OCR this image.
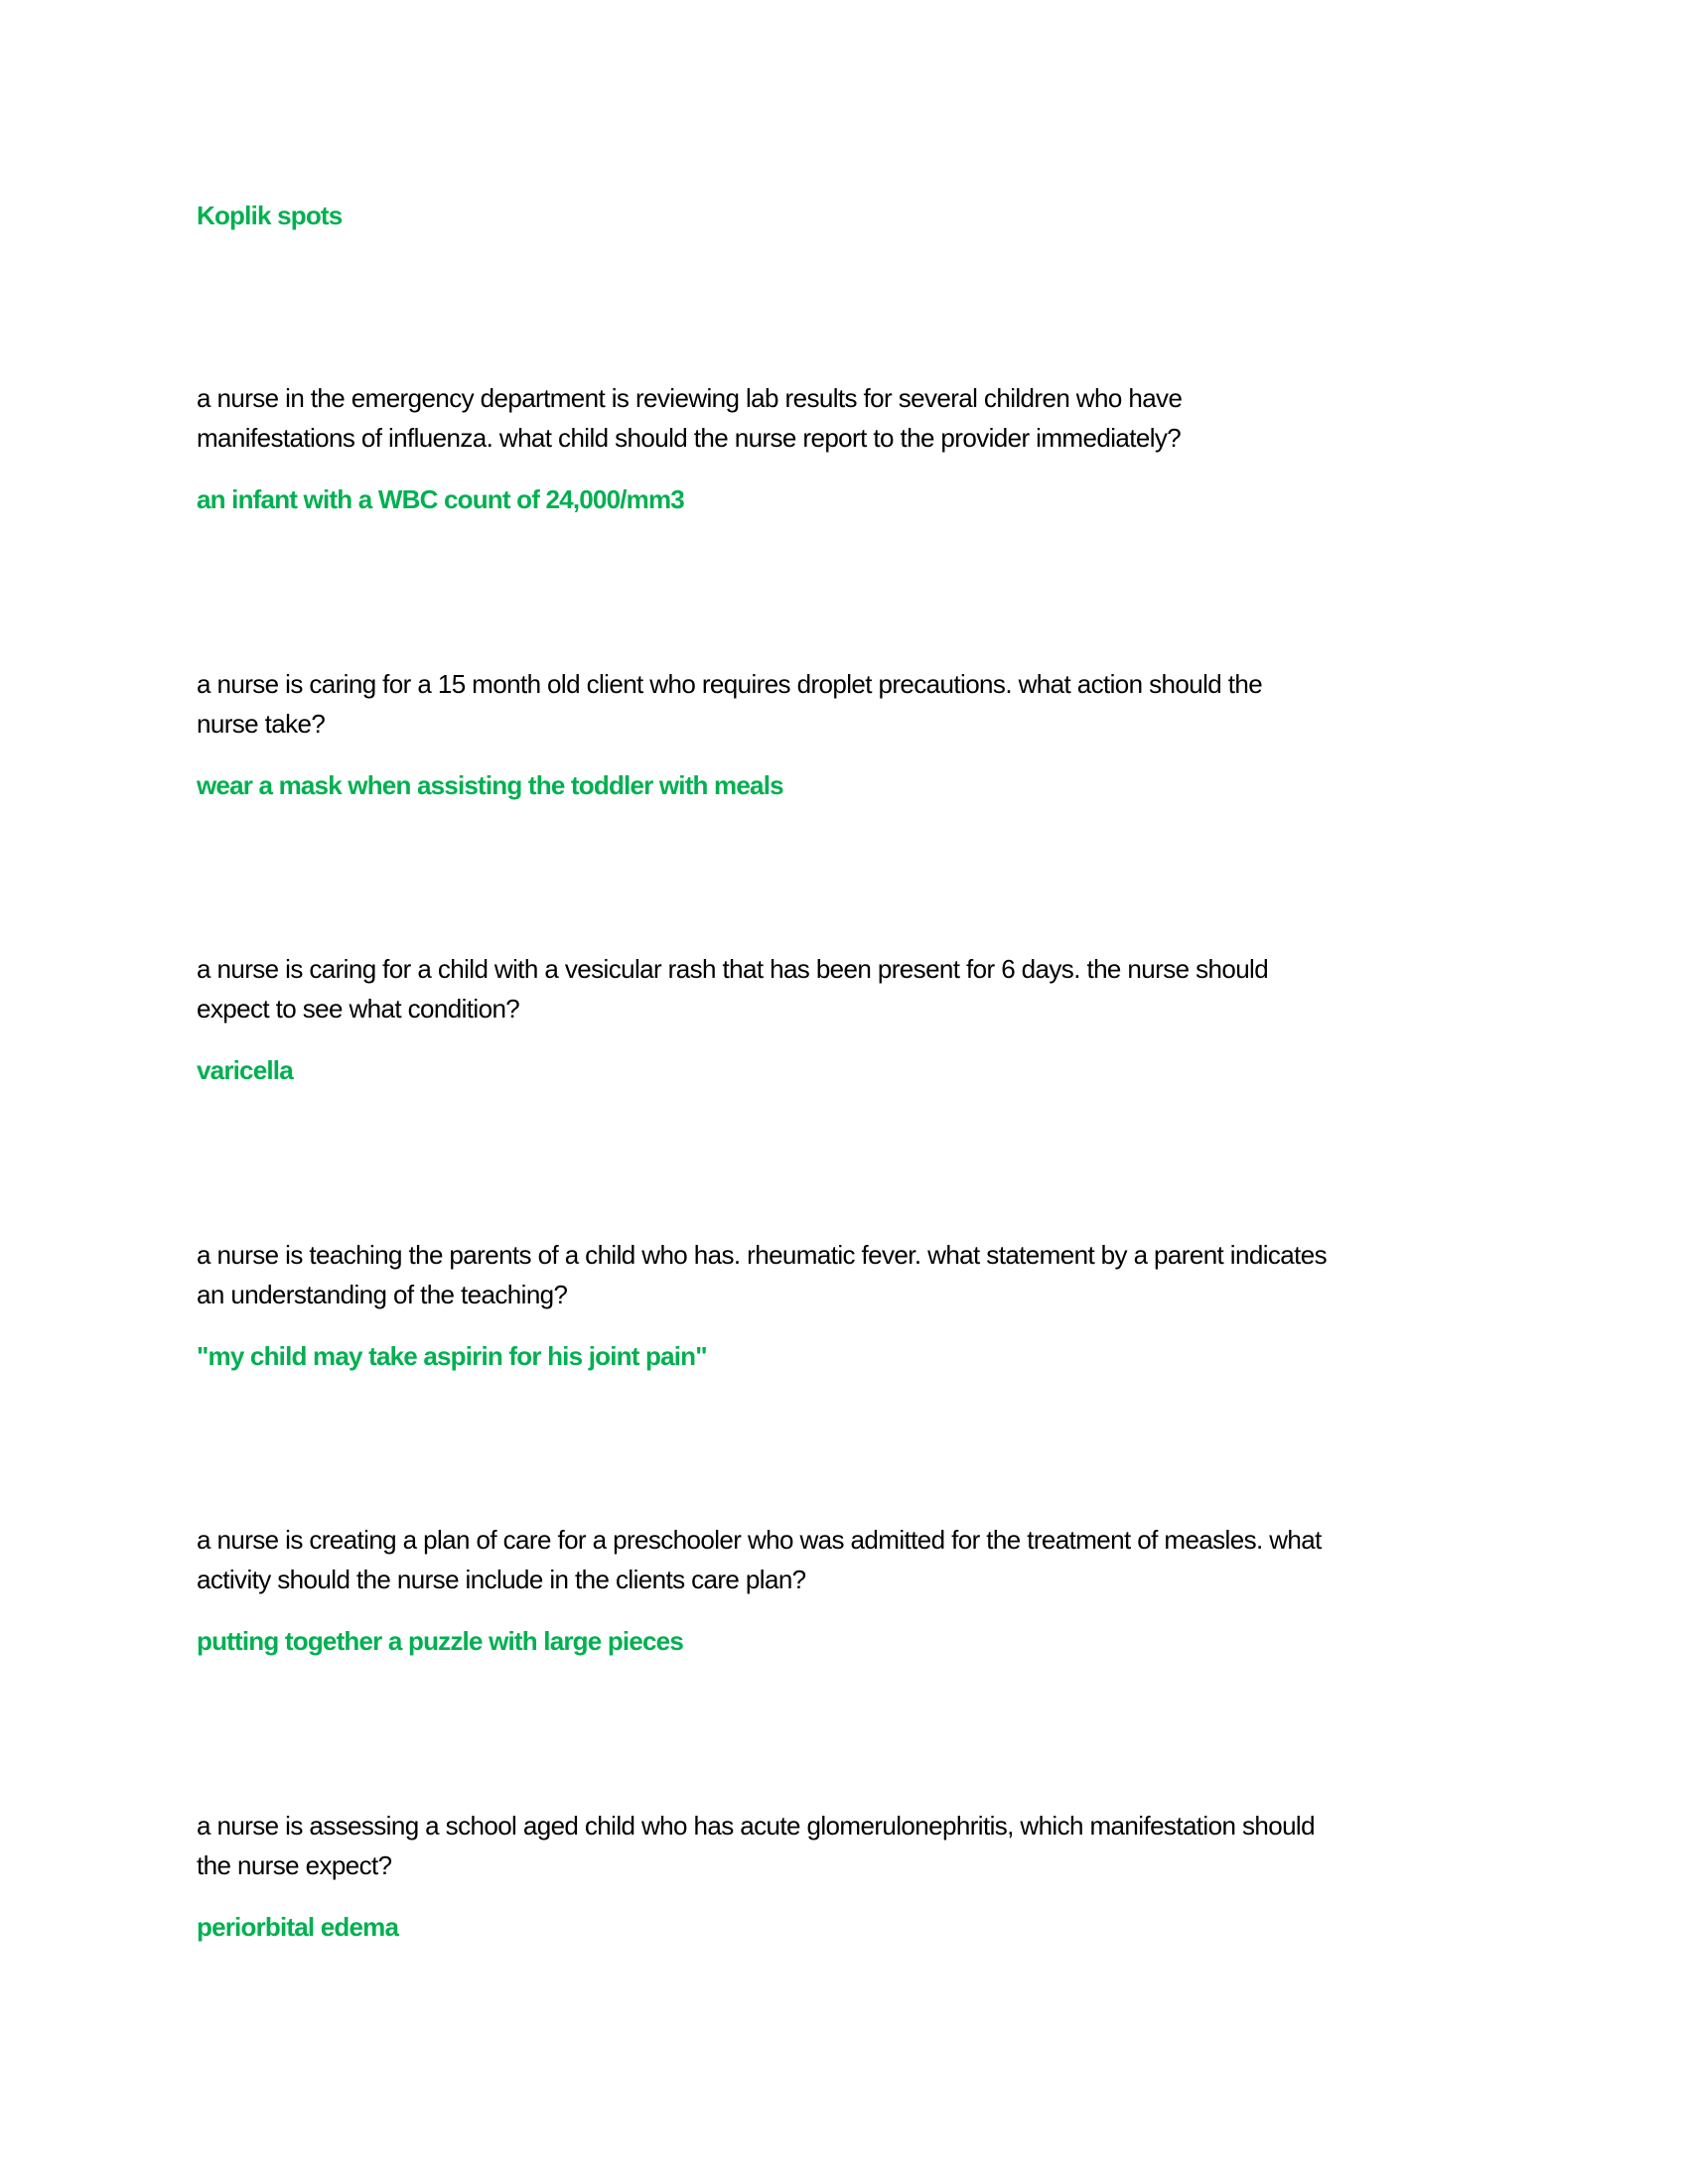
Koplik spots
a nurse in the emergency department is reviewing lab results for several children who have
manifestations of influenza. what child should the nurse report to the provider immediately?
an infant with a WBC count of 24,000/mm3
a nurse is caring for a 15 month old client who requires droplet precautions. what action should the
nurse take?
wear a mask when assisting the toddler with meals
a nurse is caring for a child with a vesicular rash that has been present for 6 days. the nurse should
expect to see what condition?
varicella
a nurse is teaching the parents of a child who has. rheumatic fever. what statement by a parent indicates
an understanding of the teaching?
"my child may take aspirin for his joint pain"
a nurse is creating a plan of care for a preschooler who was admitted for the treatment of measles. what
activity should the nurse include in the clients care plan?
putting together a puzzle with large pieces
a nurse is assessing a school aged child who has acute glomerulonephritis, which manifestation should
the nurse expect?
periorbital edema
